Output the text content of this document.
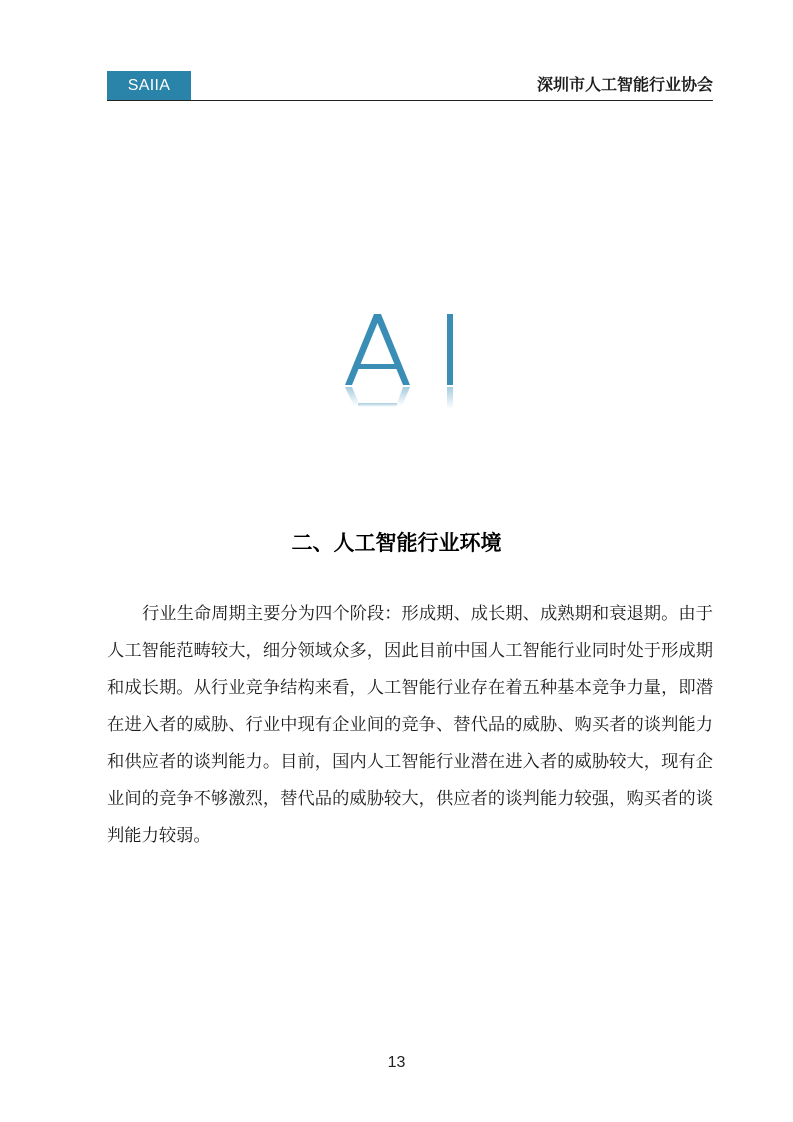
SAIIA	深圳市人工智能行业协会
二、人工智能行业环境

行业生命周期主要分为四个阶段：形成期、成长期、成熟期和衰退期。由于人工智能范畴较大，细分领域众多，因此目前中国人工智能行业同时处于形成期和成长期。从行业竞争结构来看，人工智能行业存在着五种基本竞争力量，即潜在进入者的威胁、行业中现有企业间的竞争、替代品的威胁、购买者的谈判能力和供应者的谈判能力。目前，国内人工智能行业潜在进入者的威胁较大，现有企业间的竞争不够激烈，替代品的威胁较大，供应者的谈判能力较强，购买者的谈判能力较弱。

13
